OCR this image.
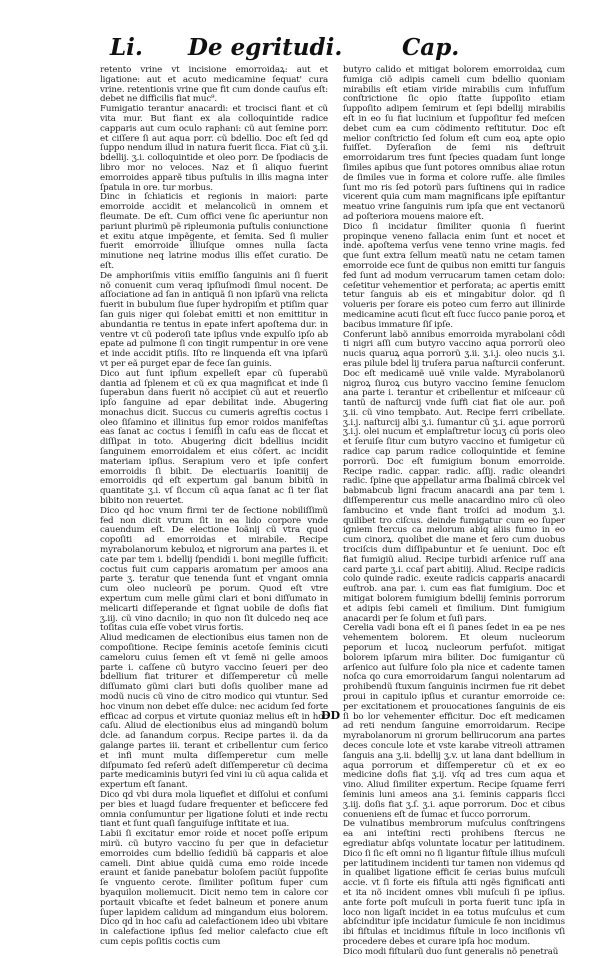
Li. De egritudi.	Cap.

retento vrine vt incisione emorroidaꝝ: aut et ligatione: aut et acuto medicamine ſequat' cura vrine. retentionis vrine que fit cum donde cauſus eſt: debet ne difficilis fiat muc⁹.

Fumigatio terantur anacardi: et trocisci fiant et cũ vita mur. But fiant ex ala colloquintide radice capparis aut cum oculo raphani: cũ aut ſemine porr. et ciſſere ſi aut aqua porr. cũ bdellio. Doc eſt ſed qd ſuppo nendum illud in natura fuerit ſicca. Fiat cũ ʒ.ii. bdellij. ʒ.i. colloquintide et oleo porr. De ſpodiacis de libro mor no veloces. Naz et ſi aliquo fuerint emorroides apparẽ tibus puſtulis in illis magna inter ſpatula in ore. tur morbus.

Dinc in ſchiaticis et regionis in maiori: parte emorroide accidit et melancolicũ in omnem et fleumate. De eſt. Cum offici vene ſic aperiuntur non pariunt plurimũ pẽ ripleumonia puſtulis coniunctione et exitu atque impẽgente, et ſemita. Sed ſi mulier fuerit emorroide illiuſque omnes nulla ſacta minutione neq latrine modus illis eſſet curatio. De eſt.

De amphoriſmis vitiis emiſſio ſanguinis ani ſi fuerit nõ conuenit cum veraq ipſiuſmodi ſimul nocent. De aſſociatione ad ſan in antiquã ſi non ipſarũ vna relicta fuerit in bubulum ſiue ſuper hydropiſm et ptiſim quar ſan guis niger qui ſolebat emitti et non emittitur in abundantia re tentus in epate infert apoſtema dur. in ventre vt cũ poderoſi tate ipſius vnde expulſo ipſo ab epate ad pulmone ſi con tingit rumpentur in ore vene et inde accidit ptiſis. Iſto re linquenda eſt vna ipſarũ vt per eã purget epar de fece ſan guinis.

Dico aut ſunt ipſium expelleſt epar cũ ſuperabũ dantia ad ſplenem et cũ ex qua magnificat et inde ſi ſuperabun dans fuerit nõ accipiet cũ aut et reuerſio ipſo ſanguine ad epar debilitat inde. Abugering monachus dicit. Succus cu cumeris agreſtis coctus i oleo ſiſamino et illinitus ſup emor roidos manifeſtas eas ſanat ac coctus i ſemiſſi in caſu eas de ſiccat et diſſipat in toto. Abugering dicit bdellius incidit ſanguinem emorroidalem et eius cõſert. ac incidit materiam ipſius. Serapium vero et ipſe confert emorroidis ſi bibit. De electuariis Ioanitiij de emorroidis qd eſt expertum gal banum bibitũ in quantitate ʒ.i. vſ ſiccum cũ aqua ſanat ac ſi ter ſiat bibito non reuertet.

Dico qd hoc vnum firmi ter de ſectione nobiliſſimũ fed non dicit vtrum ſit in ea lido corpore vnde cauendum eſt. De electione Ioãnij cũ vtra quod copoſiti ad emorroidas et mirabile. Recipe myrabolanorum kebuloꝝ et nigrorum ana partes ii. et cate par tem i. bdellij ſpendidi i. boni megille ſufficit: coctus fuit cum capparis aromatum per amoos ana parte ʒ. teratur que tenenda ſunt et vngant omnia cum oleo nucleorũ pe porum. Quod eſt vtre expertum cum melle gũmi clari et boni diſſumato in melicarti diſſeperande et ſignat uobile de doſis fiat ʒ.iij. cũ vino dacnilo; in quo non ſit dulcedo neq ace toſitas cuia eſſe vobet virus fortis.

Aliud medicamen de electionibus eius tamen non de compoſitione. Recipe ſeminis acetoſe ſeminis cicuti cameloru cuius ſemen eſt vt ſemẽ ni gelle amoos parte i. caſſene cũ butyro vaccino ſeueri per deo bdellium fiat triturer et diſſemperetur cũ melle diſſumato gũmi clari buti doſis quoliber mane ad modũ nucis cũ vino de citro modico qui vtuntur. Sed hoc vinum non debet eſſe dulce: nec acidum ſed forte efficac ad corpus et virtute quoniaz melius eſt in hoc caſu. Aliud de electionibus eius ad mingandũ bolum dcle. ad ſanandum corpus. Recipe partes ii. da da galange partes iii. terant et cribellentur cum ſerico et infi munt multa diſſemperetur cum melle diſpumato ſed reſerũ adeſt diſſemperetur cũ decima parte medicaminis butyri ſed vini iu cũ aqua calida et expertum eſt ſanant.

Dico qd vbi dura mola liquefiet et diſſolui et conſumi per bies et luagd ſudare frequenter et beſiccere fed omnia conſumuntur per ligatione ſoluti et inde rectu tiant et ſunt quaſi ſanguiſuge inſtitate et iua.

Labii ſi excitatur emor roide et nocet poſſe eripum mirũ. cũ butyro vaccino ſu per que in defacietur emorroides cum bdellio ſedidiũ bã capparis et aloe cameli. Dint abiue quidã cuma emo roide incede eraunt et ſanide panebatur boloſem paciũt ſuppoſite ſe vnguento cerote. ſimiliter poſitum fuper cum byaquilon moliemucit. Dicit nemo tem in calore cor portauit vbicaſte et ſedet balneum et ponere anum ſuper lapidem calidum ad mingandum eius bolorem. Dico qd in hoc caſu ad calefactionem ideo ubi vbitare in calefactione ipſius ſed melior calefacto ciue eſt cum cepis poſitis coctis cum

butyro calido et mitigat bolorem emorroidaꝝ cum fumiga ciõ adipis cameli cum bdellio quoniam mirabilis eſt etiam viride mirabilis cum infuſſum conſtrictione ſic opio ſtatte ſuppoſito etiam ſuppoſito adipem ſemirum et ſepi bdellij mirabilis eſt in eo ſu fiat lucinium et ſuppoſitur fed meſcen debet cum ea cum cõdimento reſtitutur. Doc eſt melior conſtrictio ſed ſolum eſt cum eoꝝ apte opio fuiſſet. Dyſeraſion de ſemi nis deſtruit emorroidarum tres funt ſpecies quadam ſunt longe ſimiles apibus que ſunt potores omnibus aliae rotun de ſimiles vue in forma et colore ruſſe. alie ſimiles ſunt mo ris ſed potorũ pars ſuſtinens qui in radice vicerent quia cum mam magnificans ipſe epiſtantur meatuo vrine ſanguinis rum ipſa que ent vectanorũ ad poſteriora mouens maiore eſt.

Dico ſi incidatur ſimiliter quonia ſi fuerint propinque veneno fallacia enim ſunt et nocet et inde. apoſtema verſus vene tenno vrine magis. fed que ſunt extra ſellum meatũ natu ne cetam tamen emorroide ece ſunt de quibus non emitti tur ſanguis fed ſunt ad modum verrucarum tamen cetam dolo: ceſetitur vehementior et perforata; ac apertis emitt tetur ſanguis ab eis et mingabitur dolor. qd ſi volueris per ſorare eis poteo cum ferro aut illinirde medicamine acuti ſicut eſt ſucc ſucco panie poroꝝ et bacibus immature ſiſ ipſe.

Conferunt labõ annibus emorroida myrabolani côdi ti nigri aſſi cum butyro vaccino aqua porrorũ oleo nucis quaruꝝ aqua porrorũ ʒ.ii. ʒ.i.j. oleo nucis ʒ.i. eras pilule bdel lij truſera parua naſturcii conferunt. Doc eſt medicamẽ uuẽ vnile valde. Myrabolanorũ nigroꝝ ſiuroꝝ cus butyro vaccino ſemine ſenuclom ana parte i. terantur et cribellentur et miſceaur cũ tantũ de naſturcij vnde ſuffi ciat fiat ole aur. poñ ʒ.ii. cũ vino tempbato. Aut. Recipe ferri cribellate. ʒ.i.j. naſturcij albi ʒ.i. ſumantur cũ ʒ.i. aque porrorũ ʒ.i.j. olei nucum et emplaſtretur locuʒ cũ poris oleo et ſeruiſe ſitur cum butyro vaccino et fumigetur cũ radice cap parum radice colloquintide et ſemine porrorũ. Doc eſt fumigium bonum emorroide. Recipe radic. cappar. radic. aſſij. radic oleandri radic. ſpine que appellatur arma ſbalimã cbircek vel babmabcub ligni fracum anacardi ana par tem i. diſſemperentur cus melle anacardino miro cũ oleo ſambucino et vnde fiant troiſci ad modum ʒ.i. quilibet tro ciſcus. deinde fumigatur cum eo ſuper igniem ſtercus ca melorum abiq aliis fumo in eo cum cinorꝝ. quolibet die mane et ſero cum duobus trociſcis dum diſſipabuntur et ſe ueniunt. Doc eſt fiat fumigiũ aliud. Recipe turbidi arſenice ruſſ ana card parte ʒ.i. ccaſ part abitiij. Aliud. Recipe radicis colo quinde radic. exeute radicis capparis anacardi euſtrob. ana par. i. cum eas fiat fumigium. Doc et mitigat bolorem fumigium bdellij ſeminis porrorum et adipis ſebi cameli et ſimilium. Dint fumigium anacardi per ſe ſolum et ſuſi pars.

Cerelia vadi bona eſt ei ſi panes ſedet in ea pe nes vehementem bolorem. Et oleum nucleorum peporum et lucoꝝ nucleorum perfuſot. mitigat bolorem ipſarum mira biliter. Doc fumigantur cũ arſenico aut ſulfure ſolo pla nice et cadente tamen noſca qo cura emorroidarum ſangui nolentarum ad prohibendũ ſtuxum ſanguinis incirmen fue rit debet proui in capitulo ipſius et curantur emorroide ce: per excitationem et prouocationes ſanguinis de eis ſi bo lor vehementer efficitur. Doc eſt medicamen ad reti nendum ſanguine emorroidarum. Recipe myrabolanorum ni grorum bellirucorum ana partes deces concule lote et vste karabe vitreoli attramen ſanguis ana ʒ.ii. bdellij ʒ.v. ut lana dant bdellium in aqua porrorum et diſſemperetur cũ et ex eo medicine doſis fiat ʒ.ij. vſq ad tres cum aqua et vino. Aliud ſimiliter expertum. Recipe ſquame ferri ſeminis luni ameos ana ʒ.i. ſeminis capparis ſicci ʒ.iij. doſis fiat ʒ.ſ. ʒ.i. aque porrorum. Doc et cibus conueniens eſt de ſumac et ſucco porrorum.

De vulnatibus membrorum muſculus conſtringens ea ani inteſtini recti prohibens ſtercus ne egrediatur abſqs voluntate locatur per latitudinem. Dico ſi ſic eſt omni no ſi ligantur fiſtule illius muſculi per latitudinem incidenti tur tamen non videmus qd in qualibet ligatione efficit ſe cerias buius muſculi accie. vt ſi forte eis fiſtula atti ngẽs fignificati anti et ita nõ incident omnes vbli muſculi ſi pe ipſius. ante forte poſt muſculi in porta fuerit tunc ipſa in loco non ligaſt incidet in ea totus muſculus et cum abſcinditur ipſe incidatur ſumicule ſe non incidimus ibi fiſtulas et incidimus fiſtule in loco inciſionis vſi procedere debes et curare ipſa hoc modum.

Dico modi fiſtularũ duo ſunt generalis nõ penetraũ

DD
